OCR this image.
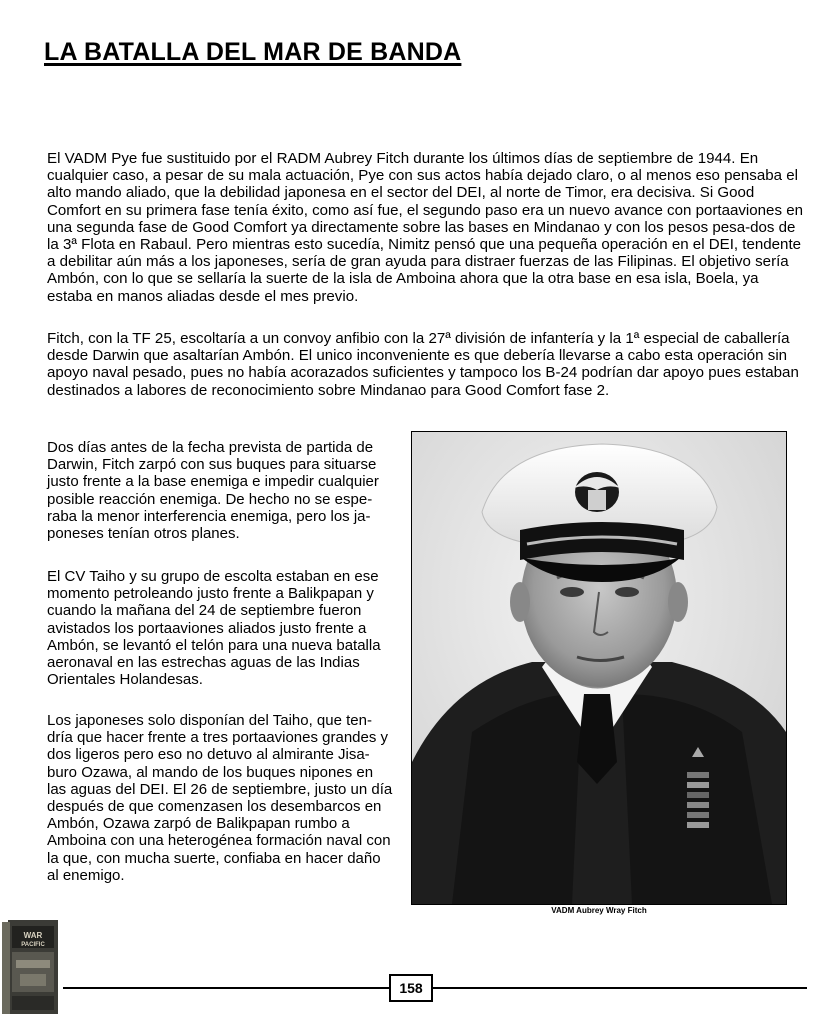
LA BATALLA DEL MAR DE BANDA

El VADM Pye fue sustituido por el RADM Aubrey Fitch durante los últimos días de septiembre de 1944. En cualquier caso, a pesar de su mala actuación, Pye con sus actos había dejado claro, o al menos eso pensaba el alto mando aliado, que la debilidad japonesa en el sector del DEI, al norte de Timor, era decisiva. Si Good Comfort en su primera fase tenía éxito, como así fue, el segundo paso era un nuevo avance con portaaviones en una segunda fase de Good Comfort ya directamente sobre las bases en Mindanao y con los pesos pesa-dos de la 3ª Flota en Rabaul. Pero mientras esto sucedía, Nimitz pensó que una pequeña operación en el DEI, tendente a debilitar aún más a los japoneses, sería de gran ayuda para distraer fuerzas de las Filipinas. El objetivo sería Ambón, con lo que se sellaría la suerte de la isla de Amboina ahora que la otra base en esa isla, Boela, ya estaba en manos aliadas desde el mes previo.

Fitch, con la TF 25, escoltaría a un convoy anfibio con la 27ª división de infantería y la 1ª especial de caballería desde Darwin que asaltarían Ambón. El unico inconveniente es que debería llevarse a cabo esta operación sin apoyo naval pesado, pues no había acorazados suficientes y tampoco los B-24 podrían dar apoyo pues estaban destinados a labores de reconocimiento sobre Mindanao para Good Comfort fase 2.

Dos días antes de la fecha prevista de partida de Darwin, Fitch zarpó con sus buques para situarse justo frente a la base enemiga e impedir cualquier posible reacción enemiga. De hecho no se espe-raba la menor interferencia enemiga, pero los ja-poneses tenían otros planes.

El CV Taiho y su grupo de escolta estaban en ese momento petroleando justo frente a Balikpapan y cuando la mañana del 24 de septiembre fueron avistados los portaaviones aliados justo frente a Ambón, se levantó el telón para una nueva batalla aeronaval en las estrechas aguas de las Indias Orientales Holandesas.

Los japoneses solo disponían del Taiho, que ten-dría que hacer frente a tres portaaviones grandes y dos ligeros pero eso no detuvo al almirante Jisa-buro Ozawa, al mando de los buques nipones en las aguas del DEI. El 26 de septiembre, justo un día después de que comenzasen los desembarcos en Ambón, Ozawa zarpó de Balikpapan rumbo a Amboina con una heterogénea formación naval con la que, con mucha suerte, confiaba en hacer daño al enemigo.

VADM Aubrey Wray Fitch
158
WAR
PACIFIC
